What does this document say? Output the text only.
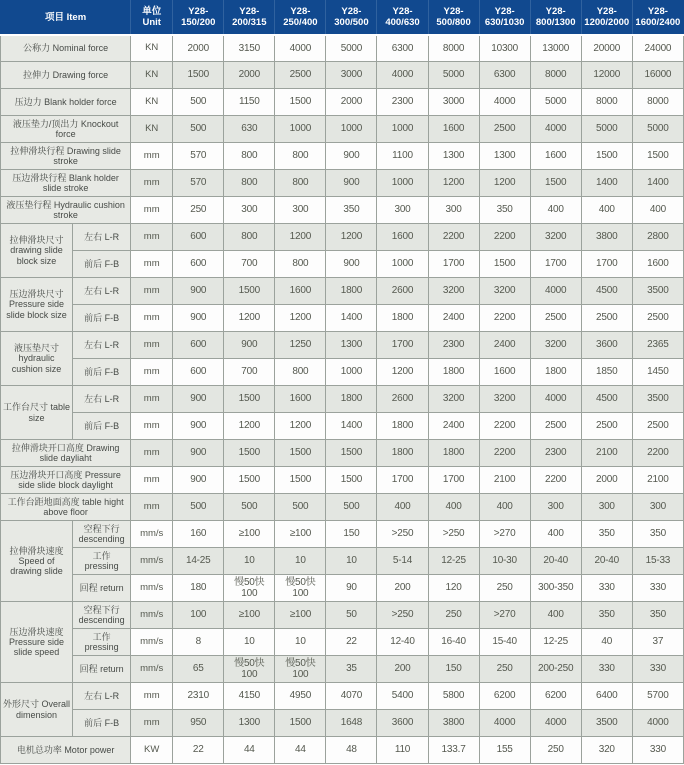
项目 Item		单位 Unit	Y28-150/200	Y28-200/315	Y28-250/400	Y28-300/500	Y28-400/630	Y28-500/800	Y28-630/1030	Y28-800/1300	Y28-1200/2000	Y28-1600/2400
公称力 Nominal force		KN	2000	3150	4000	5000	6300	8000	10300	13000	20000	24000
拉伸力 Drawing force		KN	1500	2000	2500	3000	4000	5000	6300	8000	12000	16000
压边力 Blank holder force		KN	500	1150	1500	2000	2300	3000	4000	5000	8000	8000
液压垫力/顶出力 Knockout force		KN	500	630	1000	1000	1000	1600	2500	4000	5000	5000
拉伸滑块行程 Drawing slide stroke		mm	570	800	800	900	1100	1300	1300	1600	1500	1500
压边滑块行程 Blank holder slide stroke		mm	570	800	800	900	1000	1200	1200	1500	1400	1400
液压垫行程 Hydraulic cushion stroke		mm	250	300	300	350	300	300	350	400	400	400
拉伸滑块尺寸 drawing slide block size	左右 L-R	mm	600	800	1200	1200	1600	2200	2200	3200	3800	2800
	前后 F-B	mm	600	700	800	900	1000	1700	1500	1700	1700	1600
压边滑块尺寸 Pressure side slide block size	左右 L-R	mm	900	1500	1600	1800	2600	3200	3200	4000	4500	3500
	前后 F-B	mm	900	1200	1200	1400	1800	2400	2200	2500	2500	2500
液压垫尺寸 hydraulic cushion size	左右 L-R	mm	600	900	1250	1300	1700	2300	2400	3200	3600	2365
	前后 F-B	mm	600	700	800	1000	1200	1800	1600	1800	1850	1450
工作台尺寸 table size	左右 L-R	mm	900	1500	1600	1800	2600	3200	3200	4000	4500	3500
	前后 F-B	mm	900	1200	1200	1400	1800	2400	2200	2500	2500	2500
拉伸滑块开口高度 Drawing slide dayliaht		mm	900	1500	1500	1500	1800	1800	2200	2300	2100	2200
压边滑块开口高度 Pressure side slide block daylight		mm	900	1500	1500	1500	1700	1700	2100	2200	2000	2100
工作台距地面高度 table hight above floor		mm	500	500	500	500	400	400	400	300	300	300
拉伸滑块速度 Speed of drawing slide	空程下行 descending	mm/s	160	≥100	≥100	150	>250	>250	>270	400	350	350
	工作 pressing	mm/s	14-25	10	10	10	5-14	12-25	10-30	20-40	20-40	15-33
	回程 return	mm/s	180	慢50快100	慢50快100	90	200	120	250	300-350	330	330
压边滑块速度 Pressure side slide speed	空程下行 descending	mm/s	100	≥100	≥100	50	>250	250	>270	400	350	350
	工作 pressing	mm/s	8	10	10	22	12-40	16-40	15-40	12-25	40	37
	回程 return	mm/s	65	慢50快100	慢50快100	35	200	150	250	200-250	330	330
外形尺寸 Overall dimension	左右 L-R	mm	2310	4150	4950	4070	5400	5800	6200	6200	6400	5700
	前后 F-B	mm	950	1300	1500	1648	3600	3800	4000	4000	3500	4000
电机总功率 Motor power		KW	22	44	44	48	110	133.7	155	250	320	330
